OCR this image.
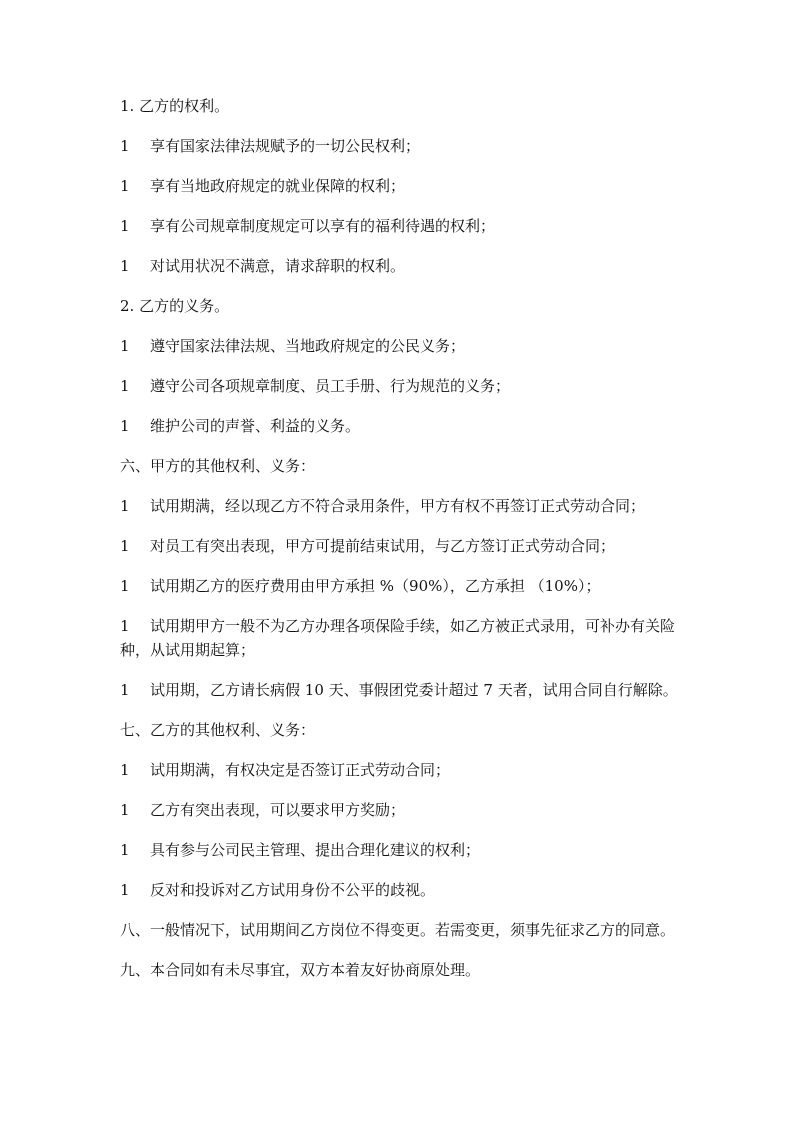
1. 乙方的权利。

1 享有国家法律法规赋予的一切公民权利；

1 享有当地政府规定的就业保障的权利；

1 享有公司规章制度规定可以享有的福利待遇的权利；

1 对试用状况不满意，请求辞职的权利。

2. 乙方的义务。

1 遵守国家法律法规、当地政府规定的公民义务；

1 遵守公司各项规章制度、员工手册、行为规范的义务；

1 维护公司的声誉、利益的义务。

六、甲方的其他权利、义务：

1 试用期满，经以现乙方不符合录用条件，甲方有权不再签订正式劳动合同；

1 对员工有突出表现，甲方可提前结束试用，与乙方签订正式劳动合同；

1 试用期乙方的医疗费用由甲方承担 %（90%），乙方承担 （10%）；

1 试用期甲方一般不为乙方办理各项保险手续，如乙方被正式录用，可补办有关险种，从试用期起算；

1 试用期，乙方请长病假 10 天、事假团党委计超过 7 天者，试用合同自行解除。

七、乙方的其他权利、义务：

1 试用期满，有权决定是否签订正式劳动合同；

1 乙方有突出表现，可以要求甲方奖励；

1 具有参与公司民主管理、提出合理化建议的权利；

1 反对和投诉对乙方试用身份不公平的歧视。

八、一般情况下，试用期间乙方岗位不得变更。若需变更，须事先征求乙方的同意。

九、本合同如有未尽事宜，双方本着友好协商原处理。
